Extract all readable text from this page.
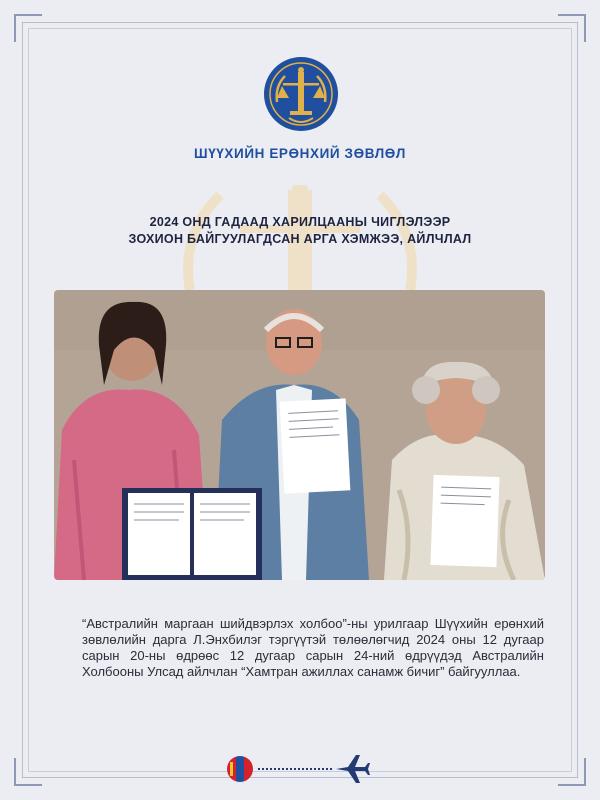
ШҮҮХИЙН ЕРӨНХИЙ ЗӨВЛӨЛ
2024 ОНД ГАДААД ХАРИЛЦААНЫ ЧИГЛЭЛЭЭР
ЗОХИОН БАЙГУУЛАГДСАН АРГА ХЭМЖЭЭ, АЙЛЧЛАЛ

“Австралийн маргаан шийдвэрлэх холбоо”-ны урилгаар Шүүхийн ерөнхий зөвлөлийн дарга Л.Энхбилэг тэргүүтэй төлөөлөгчид 2024 оны 12 дугаар сарын 20-ны өдрөөс 12 дугаар сарын 24-ний өдрүүдэд Австралийн Холбооны Улсад айлчлан “Хамтран ажиллах санамж бичиг” байгууллаа.
